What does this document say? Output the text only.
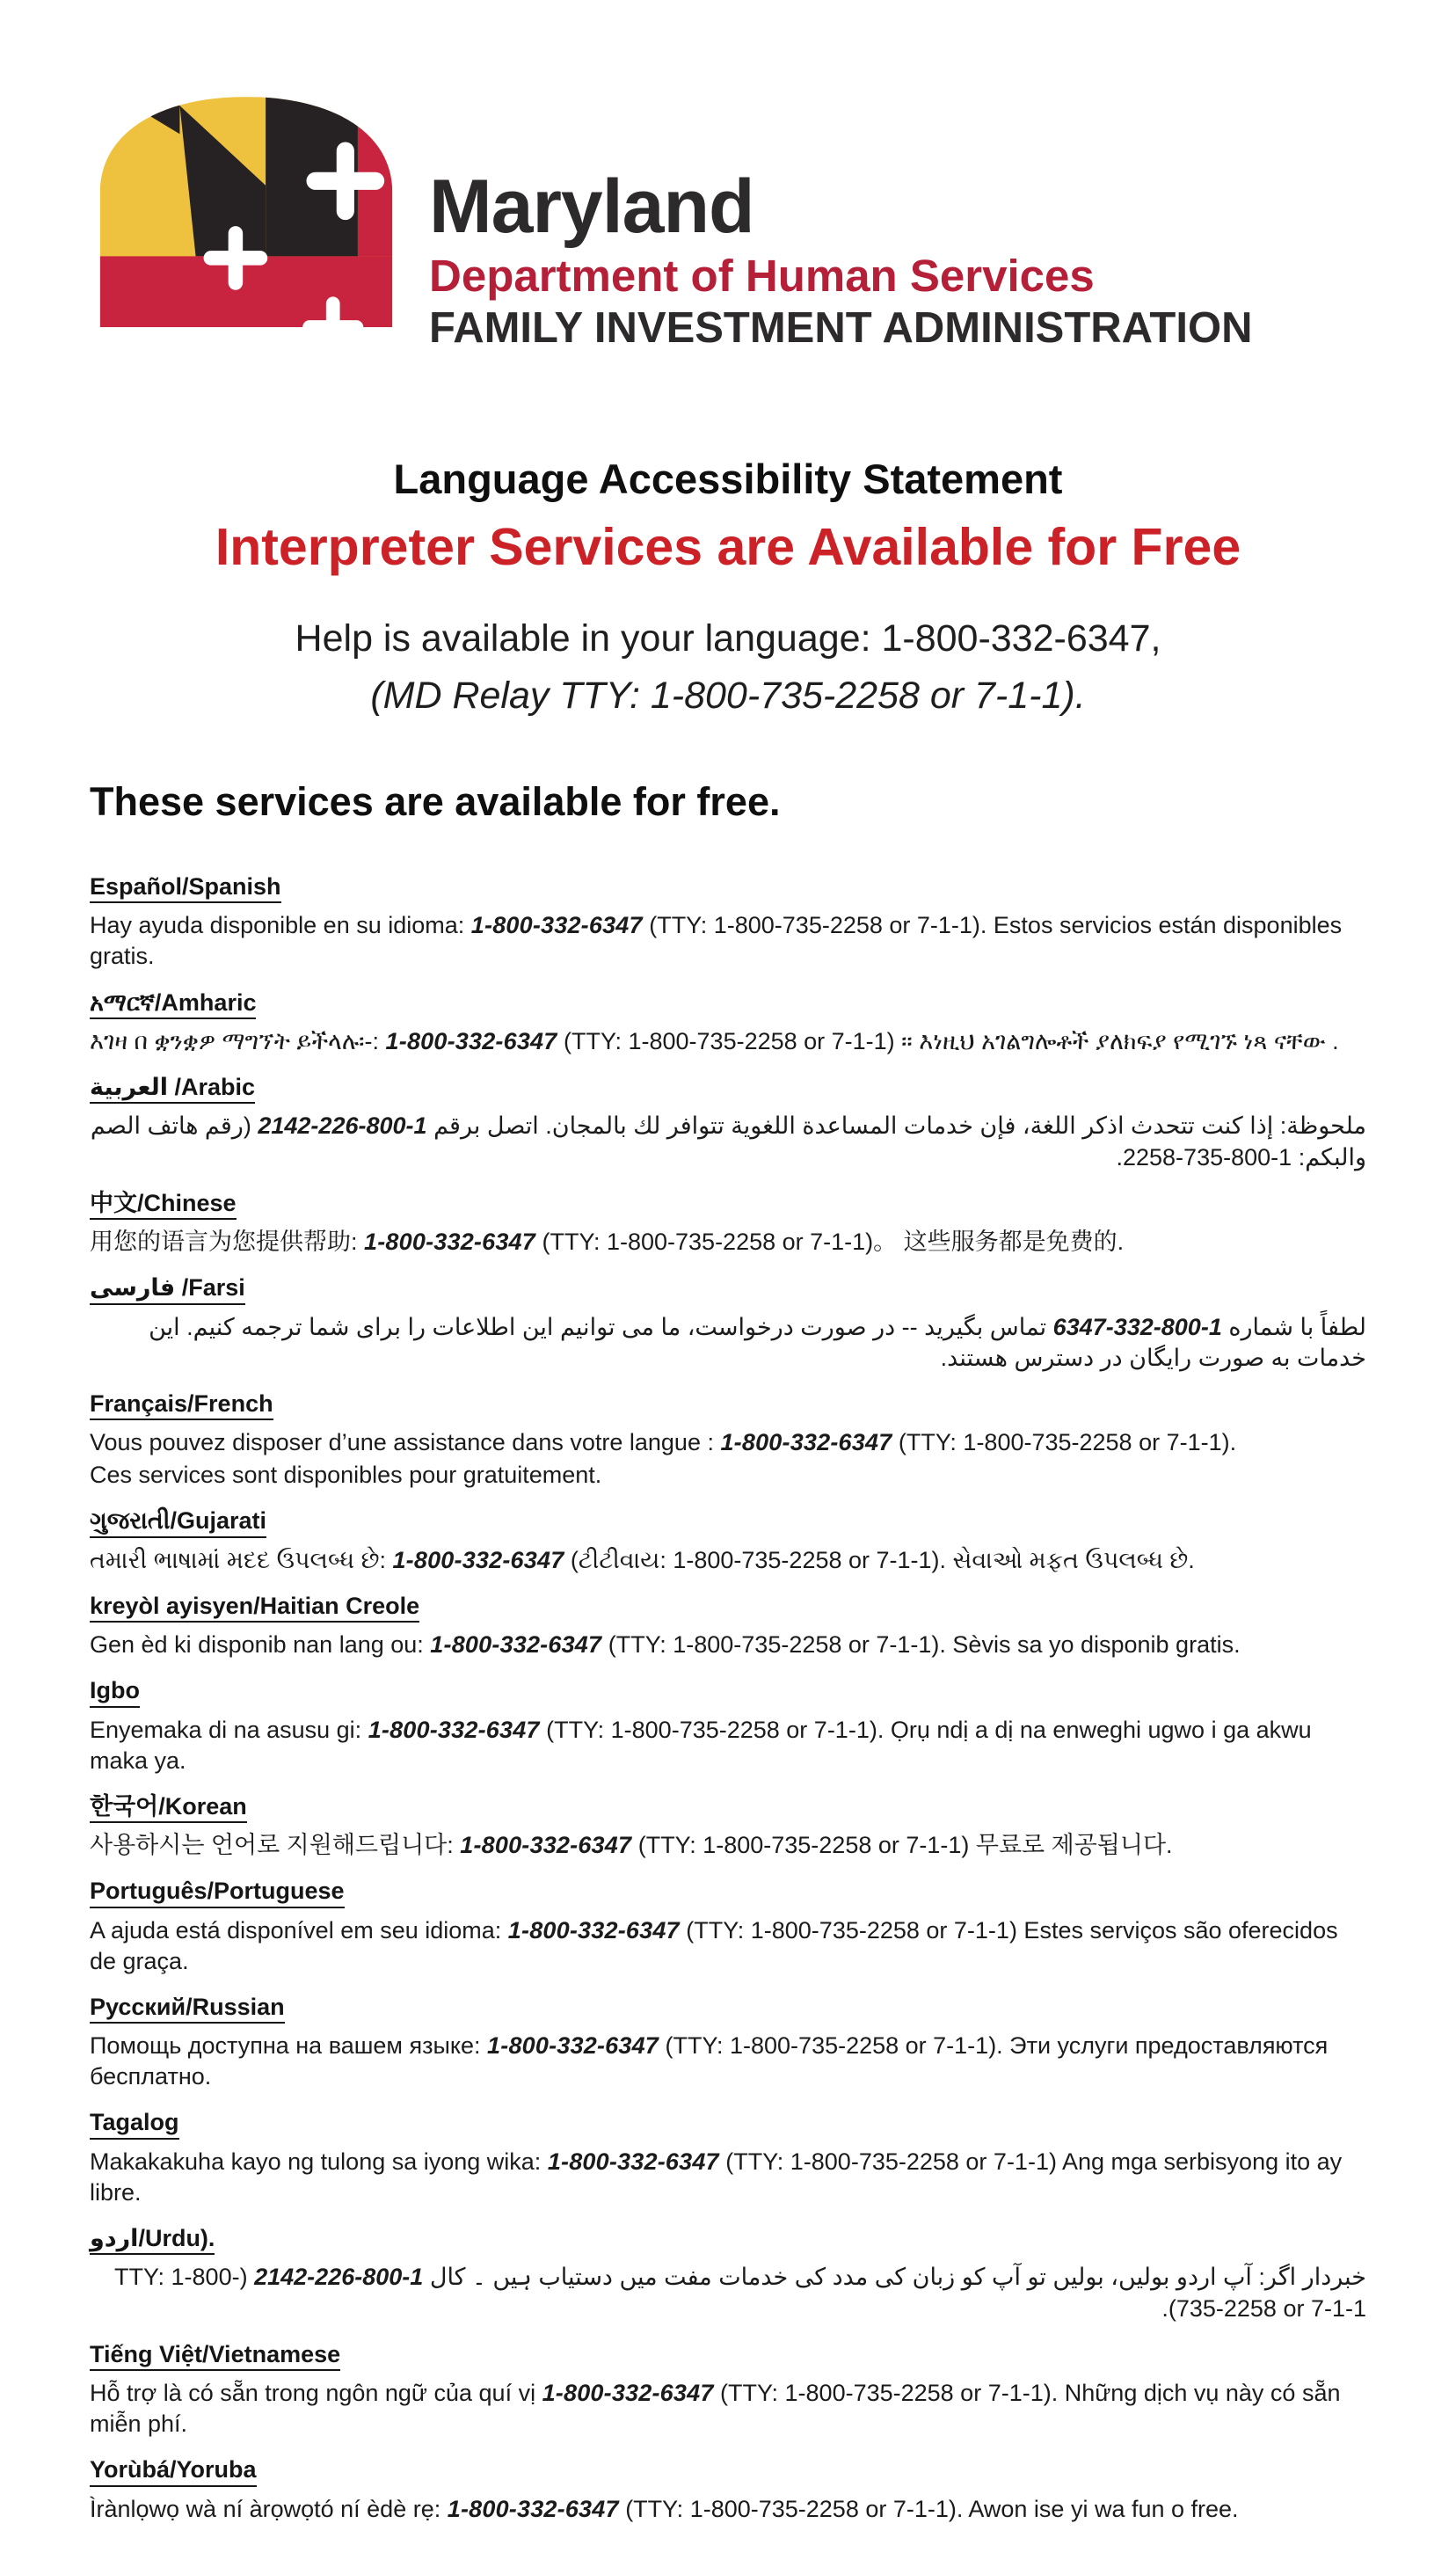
Maryland
Department of Human Services
FAMILY INVESTMENT ADMINISTRATION
Language Accessibility Statement
Interpreter Services are Available for Free

Help is available in your language: 1-800-332-6347,

(MD Relay TTY: 1-800-735-2258 or 7-1-1).

These services are available for free.

Español/Spanish
Hay ayuda disponible en su idioma: 1-800-332-6347 (TTY: 1-800-735-2258 or 7-1-1). Estos servicios están disponibles gratis.
አማርኛ/Amharic
እገዛ በ ቋንቋዎ ማግኘት ይችላሉ፡-: 1-800-332-6347 (TTY: 1-800-735-2258 or 7-1-1) ። እነዚህ አገልግሎቶች ያለክፍያ የሚገኙ ነጻ ናቸው .
العربية /Arabic
ملحوظة: إذا كنت تتحدث اذكر اللغة، فإن خدمات المساعدة اللغوية تتوافر لك بالمجان. اتصل برقم 1-800-226-2142 (رقم هاتف الصم والبكم: 1-800-735-2258.
中文/Chinese
用您的语言为您提供帮助: 1-800-332-6347 (TTY: 1-800-735-2258 or 7-1-1)。 这些服务都是免费的.
فارسی /Farsi
لطفاً با شماره 1-800-332-6347 تماس بگیرید -- در صورت درخواست، ما می توانیم این اطلاعات را برای شما ترجمه کنیم. این خدمات به صورت رایگان در دسترس هستند.
Français/French
Vous pouvez disposer d’une assistance dans votre langue : 1-800-332-6347 (TTY: 1-800-735-2258 or 7-1-1).
Ces services sont disponibles pour gratuitement.
ગુજરાતી/Gujarati
તમારી ભાષામાં મદદ ઉપલબ્ધ છે: 1-800-332-6347 (ટીટીવાય: 1-800-735-2258 or 7-1-1). સેવાઓ મફત ઉપલબ્ધ છે.
kreyòl ayisyen/Haitian Creole
Gen èd ki disponib nan lang ou: 1-800-332-6347 (TTY: 1-800-735-2258 or 7-1-1). Sèvis sa yo disponib gratis.
Igbo
Enyemaka di na asusu gi: 1-800-332-6347 (TTY: 1-800-735-2258 or 7-1-1). Ọrụ ndị a dị na enweghi ugwo i ga akwu maka ya.
한국어/Korean
사용하시는 언어로 지원해드립니다: 1-800-332-6347 (TTY: 1-800-735-2258 or 7-1-1) 무료로 제공됩니다.
Português/Portuguese
A ajuda está disponível em seu idioma: 1-800-332-6347 (TTY: 1-800-735-2258 or 7-1-1) Estes serviços são oferecidos de graça.
Русский/Russian
Помощь доступна на вашем языке: 1-800-332-6347 (TTY: 1-800-735-2258 or 7-1-1). Эти услуги предоставляются бесплатно.
Tagalog
Makakakuha kayo ng tulong sa iyong wika: 1-800-332-6347 (TTY: 1-800-735-2258 or 7-1-1) Ang mga serbisyong ito ay libre.
اردو/Urdu).
خبردار اگر: آپ اردو بولیں، بولیں تو آپ کو زبان کی مدد کی خدمات مفت میں دستیاب ہیں ۔ کال 1-800-226-2142 (TTY: 1-800-735-2258 or 7-1-1).
Tiếng Việt/Vietnamese
Hỗ trợ là có sẵn trong ngôn ngữ của quí vị 1-800-332-6347 (TTY: 1-800-735-2258 or 7-1-1). Những dịch vụ này có sẵn miễn phí.
Yorùbá/Yoruba
Ìrànlọwọ wà ní àrọwọtó ní èdè rẹ: 1-800-332-6347 (TTY: 1-800-735-2258 or 7-1-1). Awon ise yi wa fun o free.
